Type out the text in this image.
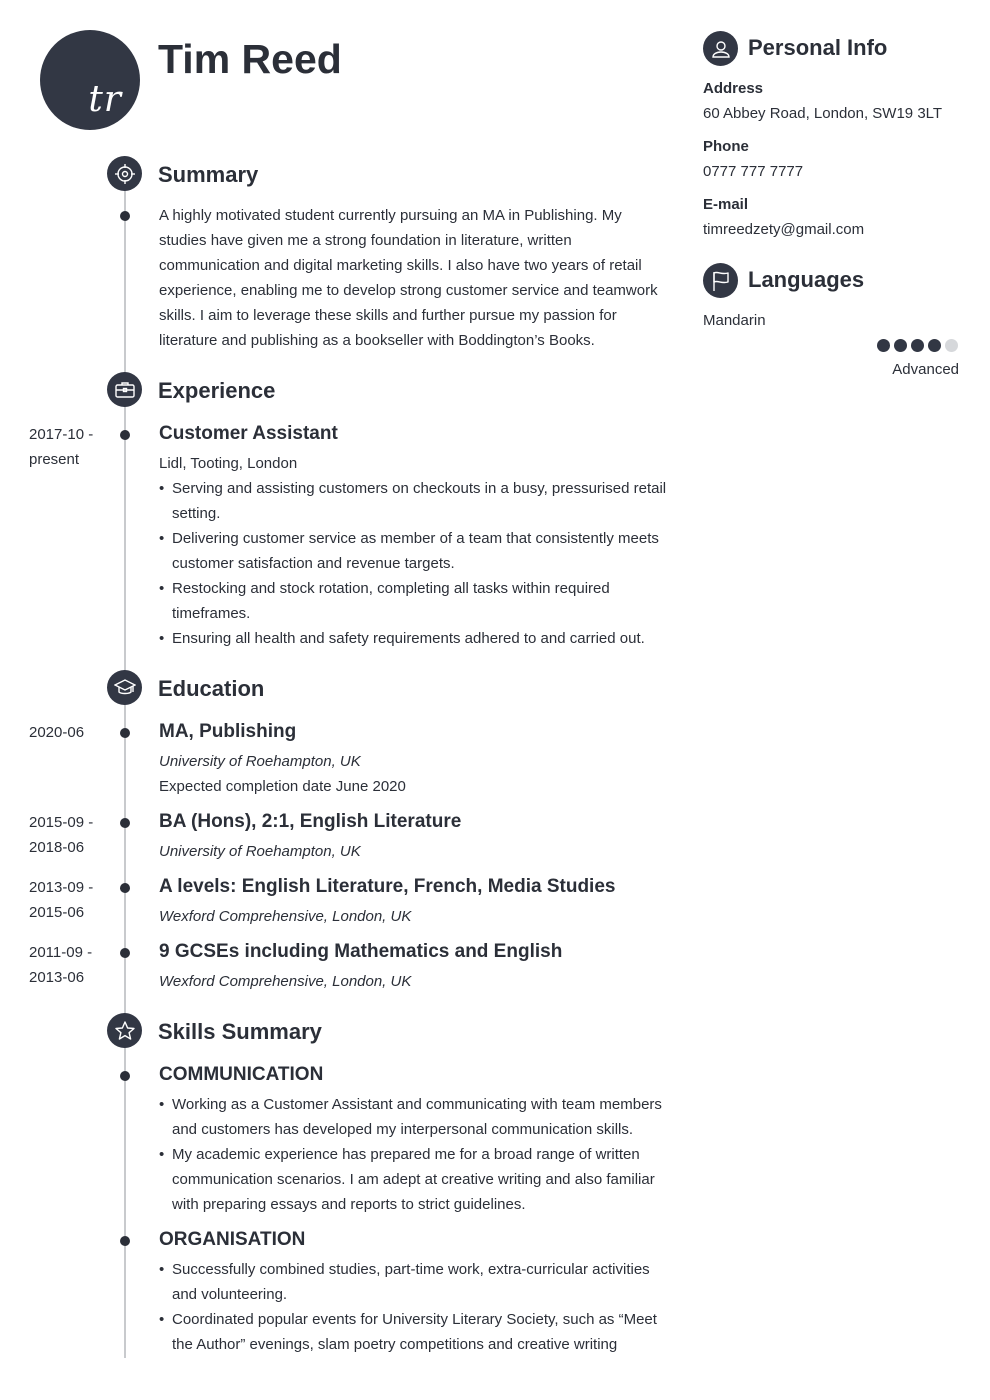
tr
Tim Reed
Summary
A highly motivated student currently pursuing an MA in Publishing. My studies have given me a strong foundation in literature, written communication and digital marketing skills. I also have two years of retail experience, enabling me to develop strong customer service and teamwork skills. I aim to leverage these skills and further pursue my passion for literature and publishing as a bookseller with Boddington’s Books.
Experience
2017-10 -
present
Customer Assistant
Lidl, Tooting, London
• Serving and assisting customers on checkouts in a busy, pressurised retail setting.
• Delivering customer service as member of a team that consistently meets customer satisfaction and revenue targets.
• Restocking and stock rotation, completing all tasks within required timeframes.
• Ensuring all health and safety requirements adhered to and carried out.
Education
2020-06	MA, Publishing
University of Roehampton, UK
Expected completion date June 2020
2015-09 -
2018-06
BA (Hons), 2:1, English Literature
University of Roehampton, UK
2013-09 -
2015-06
A levels: English Literature, French, Media Studies
Wexford Comprehensive, London, UK
2011-09 -
2013-06
9 GCSEs including Mathematics and English
Wexford Comprehensive, London, UK
Skills Summary
COMMUNICATION
• Working as a Customer Assistant and communicating with team members and customers has developed my interpersonal communication skills.
• My academic experience has prepared me for a broad range of written communication scenarios. I am adept at creative writing and also familiar with preparing essays and reports to strict guidelines.
ORGANISATION
• Successfully combined studies, part-time work, extra-curricular activities and volunteering.
• Coordinated popular events for University Literary Society, such as “Meet the Author” evenings, slam poetry competitions and creative writing
Personal Info
Address
60 Abbey Road, London, SW19 3LT
Phone
0777 777 7777
E-mail
timreedzety@gmail.com
Languages
Mandarin
Advanced
